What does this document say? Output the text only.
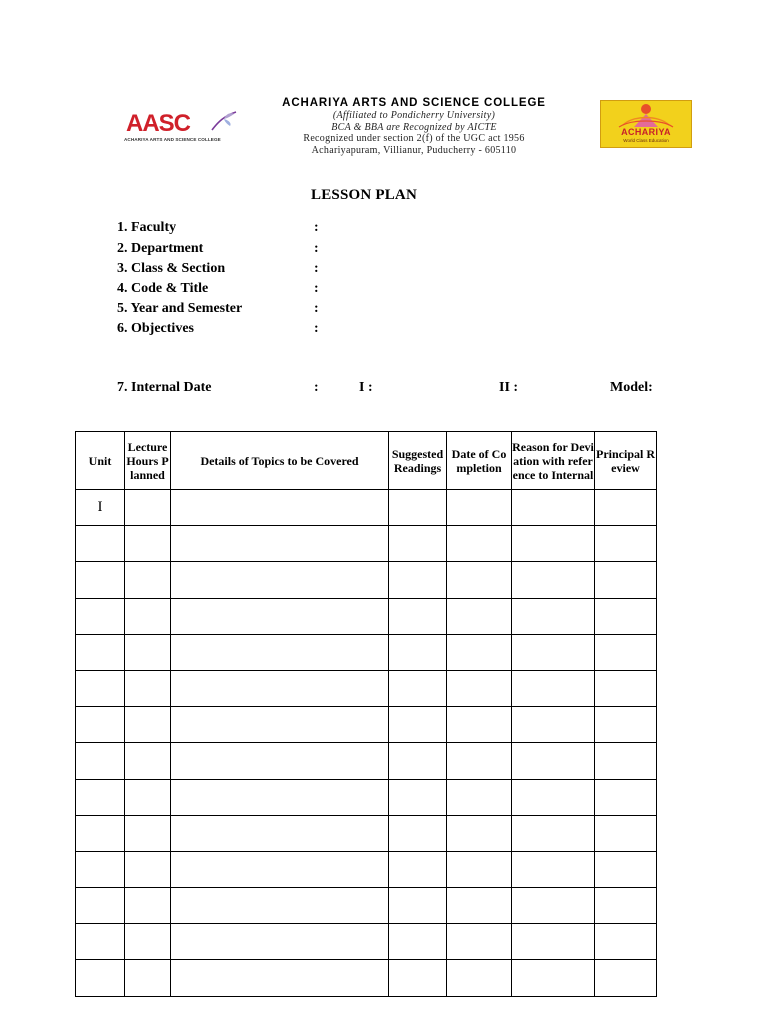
AASC
ACHARIYA ARTS AND SCIENCE COLLEGE
ACHARIYA ARTS AND SCIENCE COLLEGE
(Affiliated to Pondicherry University)
BCA & BBA are Recognized by AICTE
Recognized under section 2(f) of the UGC act 1956
Achariyapuram, Villianur, Puducherry - 605110
ACHARIYA
World Class Education
LESSON PLAN
1. Faculty	:
2. Department	:
3. Class & Section	:
4. Code & Title	:
5. Year and Semester	:
6. Objectives	:
7. Internal Date	:	I :	II :	Model:
Unit	Lecture Hours Planned	Details of Topics to be Covered	Suggested Readings	Date of Completion	Reason for Deviation with reference to Internal	Principal Review
I						
